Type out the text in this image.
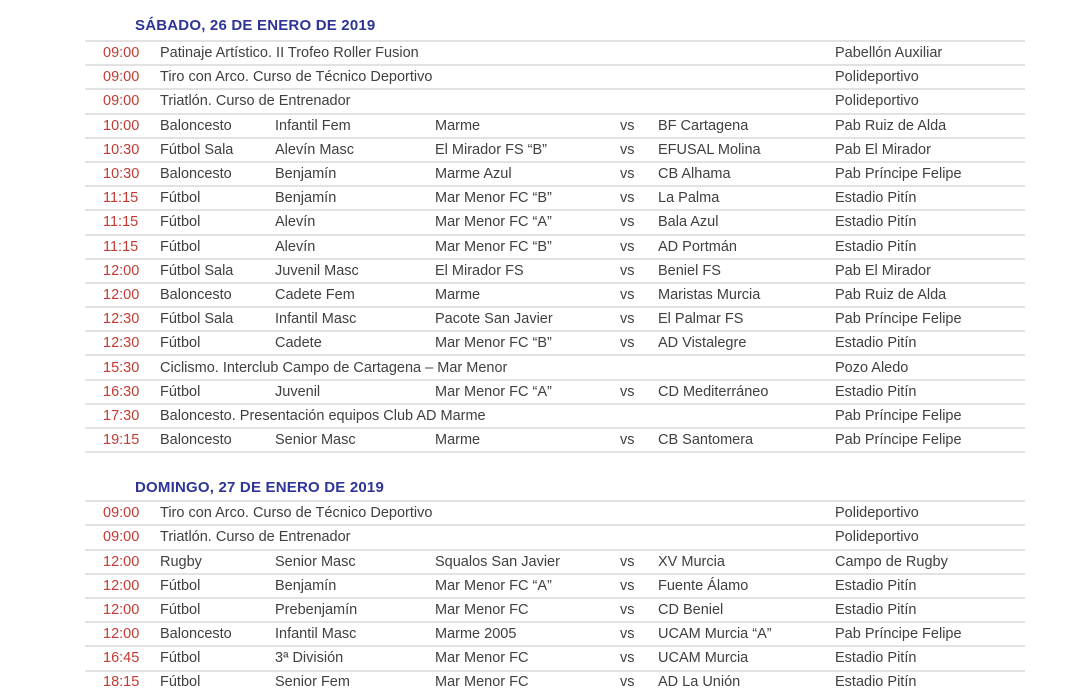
SÁBADO, 26 DE ENERO DE 2019
09:00	Patinaje Artístico. II Trofeo Roller Fusion	Pabellón Auxiliar
09:00	Tiro con Arco. Curso de Técnico Deportivo	Polideportivo
09:00	Triatlón. Curso de Entrenador	Polideportivo
10:00	Baloncesto	Infantil Fem	Marme	vs	BF Cartagena	Pab Ruiz de Alda
10:30	Fútbol Sala	Alevín Masc	El Mirador FS “B”	vs	EFUSAL Molina	Pab El Mirador
10:30	Baloncesto	Benjamín	Marme Azul	vs	CB Alhama	Pab Príncipe Felipe
11:15	Fútbol	Benjamín	Mar Menor FC “B”	vs	La Palma	Estadio Pitín
11:15	Fútbol	Alevín	Mar Menor FC “A”	vs	Bala Azul	Estadio Pitín
11:15	Fútbol	Alevín	Mar Menor FC “B”	vs	AD Portmán	Estadio Pitín
12:00	Fútbol Sala	Juvenil Masc	El Mirador FS	vs	Beniel FS	Pab El Mirador
12:00	Baloncesto	Cadete Fem	Marme	vs	Maristas Murcia	Pab Ruiz de Alda
12:30	Fútbol Sala	Infantil Masc	Pacote San Javier	vs	El Palmar FS	Pab Príncipe Felipe
12:30	Fútbol	Cadete	Mar Menor FC “B”	vs	AD Vistalegre	Estadio Pitín
15:30	Ciclismo. Interclub Campo de Cartagena – Mar Menor	Pozo Aledo
16:30	Fútbol	Juvenil	Mar Menor FC “A”	vs	CD Mediterráneo	Estadio Pitín
17:30	Baloncesto. Presentación equipos Club AD Marme	Pab Príncipe Felipe
19:15	Baloncesto	Senior Masc	Marme	vs	CB Santomera	Pab Príncipe Felipe
DOMINGO, 27 DE ENERO DE 2019
09:00	Tiro con Arco. Curso de Técnico Deportivo	Polideportivo
09:00	Triatlón. Curso de Entrenador	Polideportivo
12:00	Rugby	Senior Masc	Squalos San Javier	vs	XV Murcia	Campo de Rugby
12:00	Fútbol	Benjamín	Mar Menor FC “A”	vs	Fuente Álamo	Estadio Pitín
12:00	Fútbol	Prebenjamín	Mar Menor FC	vs	CD Beniel	Estadio Pitín
12:00	Baloncesto	Infantil Masc	Marme 2005	vs	UCAM Murcia “A”	Pab Príncipe Felipe
16:45	Fútbol	3ª División	Mar Menor FC	vs	UCAM Murcia	Estadio Pitín
18:15	Fútbol	Senior Fem	Mar Menor FC	vs	AD La Unión	Estadio Pitín
